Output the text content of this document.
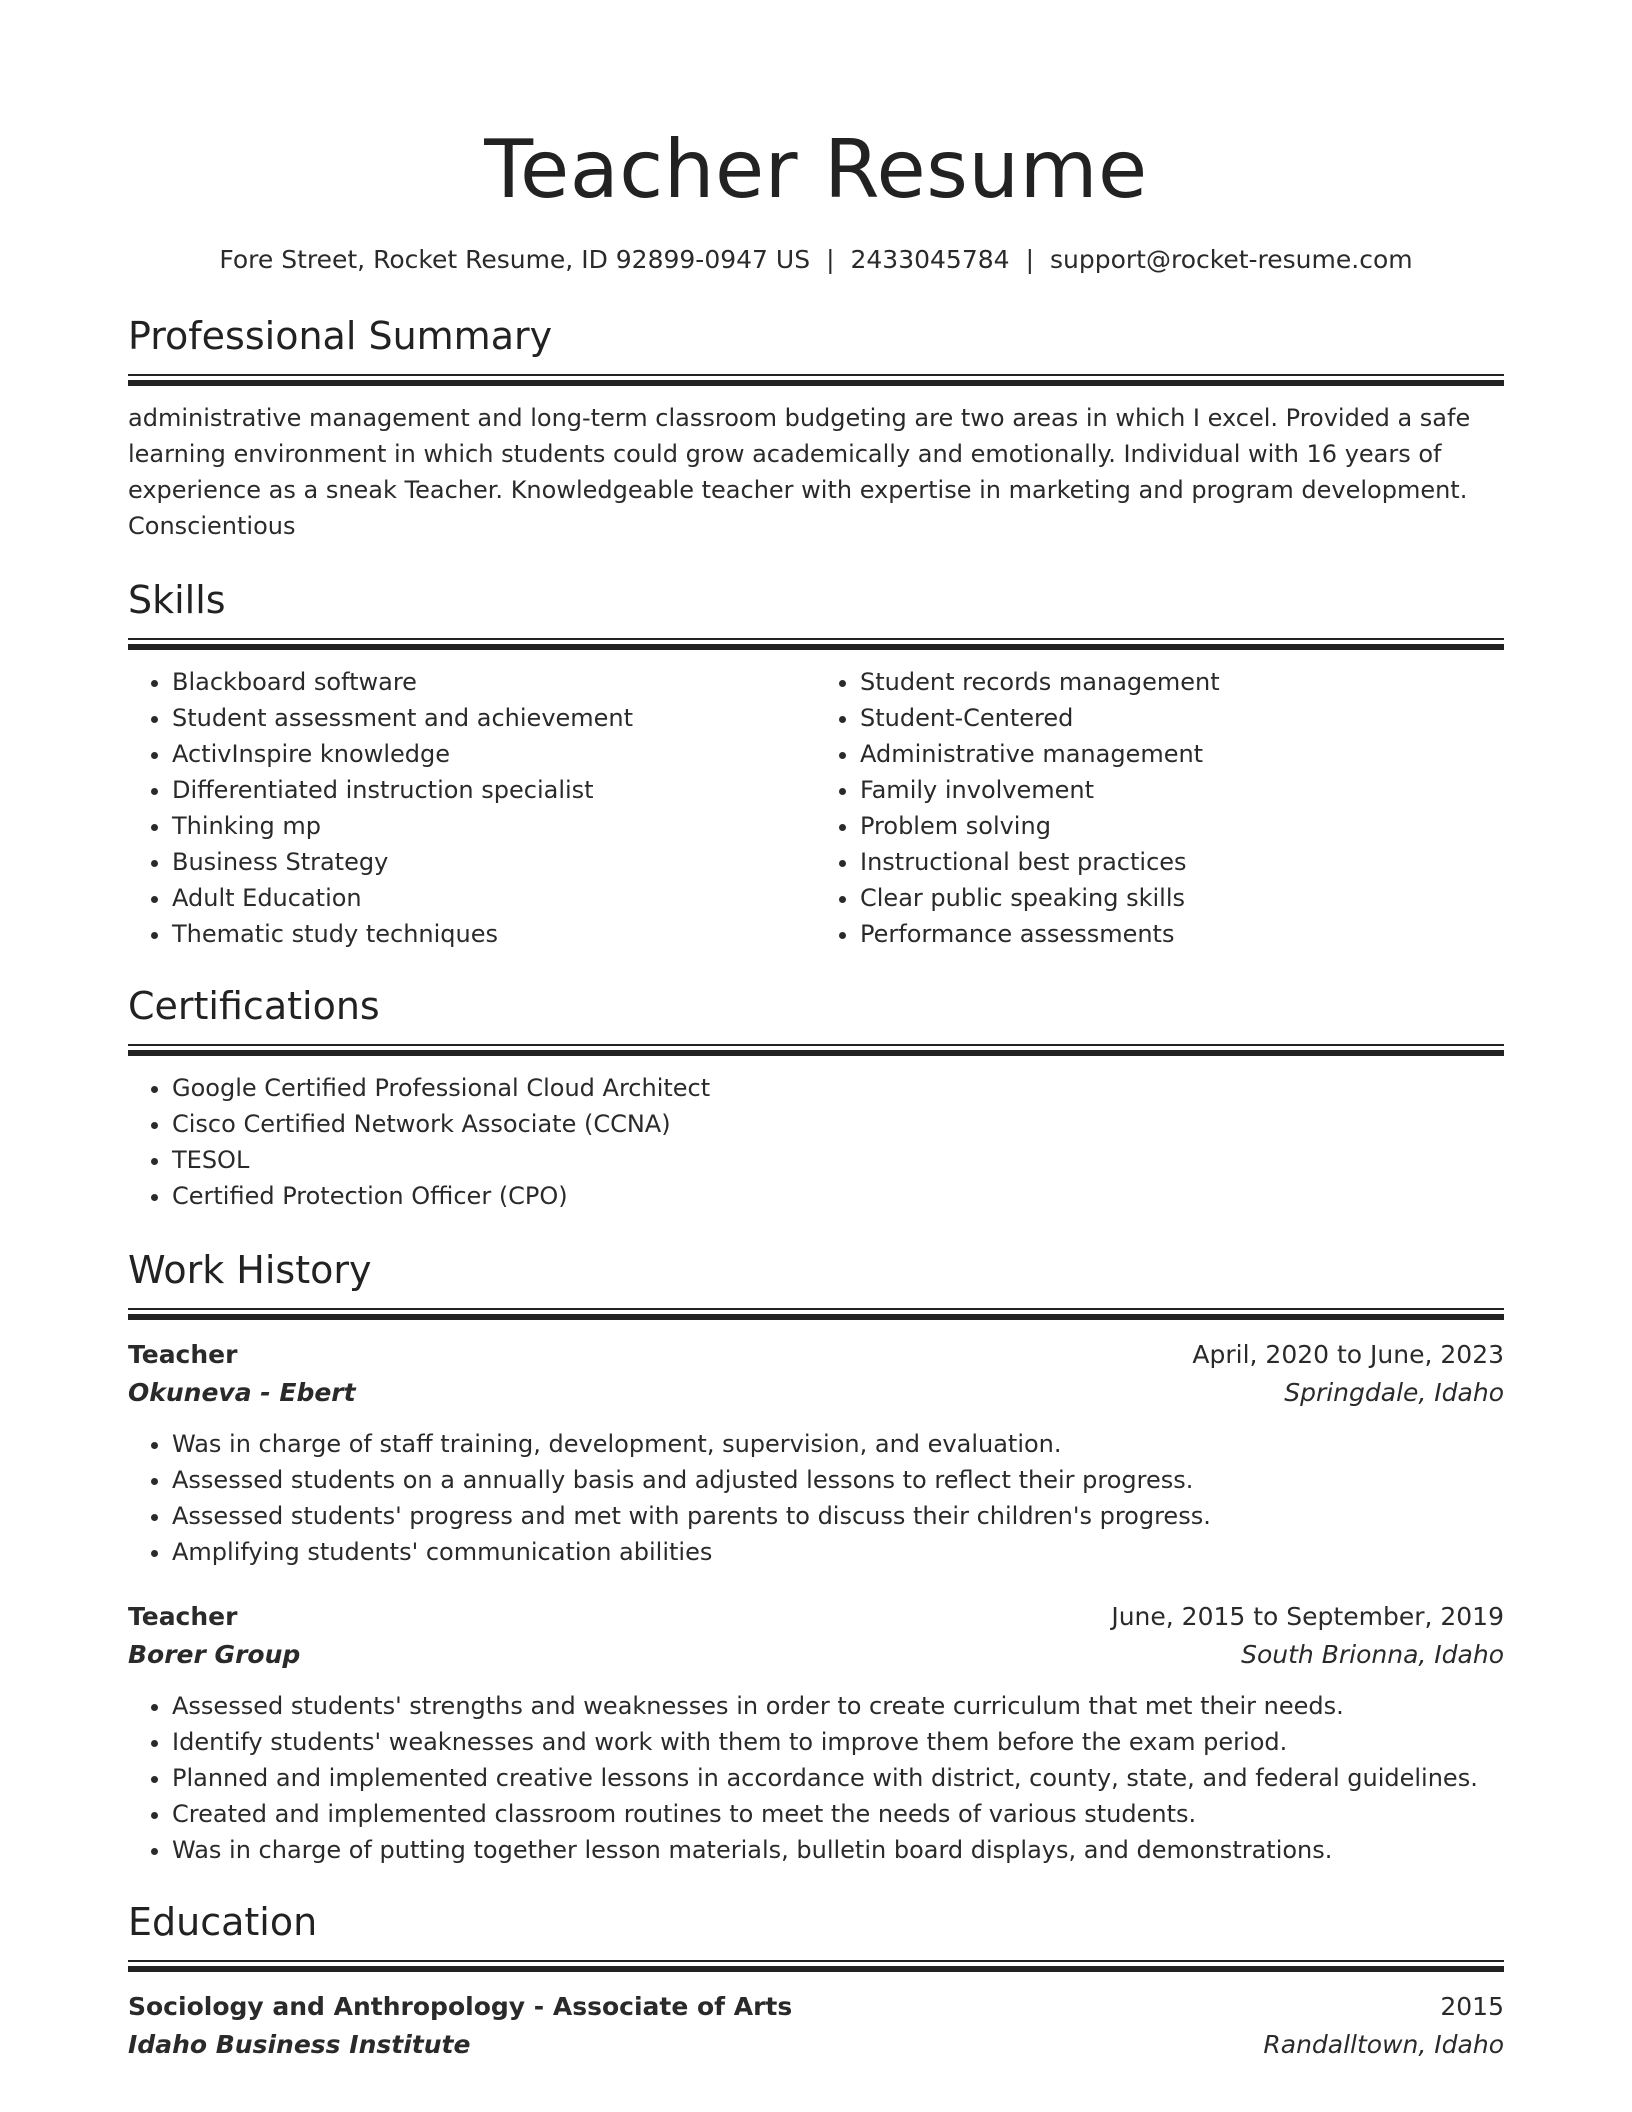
Teacher Resume
Fore Street, Rocket Resume, ID 92899-0947 US | 2433045784 | support@rocket-resume.com
Professional Summary

administrative management and long-term classroom budgeting are two areas in which I excel. Provided a safe learning environment in which students could grow academically and emotionally. Individual with 16 years of experience as a sneak Teacher. Knowledgeable teacher with expertise in marketing and program development. Conscientious

Skills
• Blackboard software
• Student assessment and achievement
• ActivInspire knowledge
• Differentiated instruction specialist
• Thinking mp
• Business Strategy
• Adult Education
• Thematic study techniques
• Student records management
• Student-Centered
• Administrative management
• Family involvement
• Problem solving
• Instructional best practices
• Clear public speaking skills
• Performance assessments
Certifications
• Google Certified Professional Cloud Architect
• Cisco Certified Network Associate (CCNA)
• TESOL
• Certified Protection Officer (CPO)
Work History
Teacher	April, 2020 to June, 2023
Okuneva - Ebert	Springdale, Idaho
• Was in charge of staff training, development, supervision, and evaluation.
• Assessed students on a annually basis and adjusted lessons to reflect their progress.
• Assessed students' progress and met with parents to discuss their children's progress.
• Amplifying students' communication abilities
Teacher	June, 2015 to September, 2019
Borer Group	South Brionna, Idaho
• Assessed students' strengths and weaknesses in order to create curriculum that met their needs.
• Identify students' weaknesses and work with them to improve them before the exam period.
• Planned and implemented creative lessons in accordance with district, county, state, and federal guidelines.
• Created and implemented classroom routines to meet the needs of various students.
• Was in charge of putting together lesson materials, bulletin board displays, and demonstrations.
Education
Sociology and Anthropology - Associate of Arts	2015
Idaho Business Institute	Randalltown, Idaho
